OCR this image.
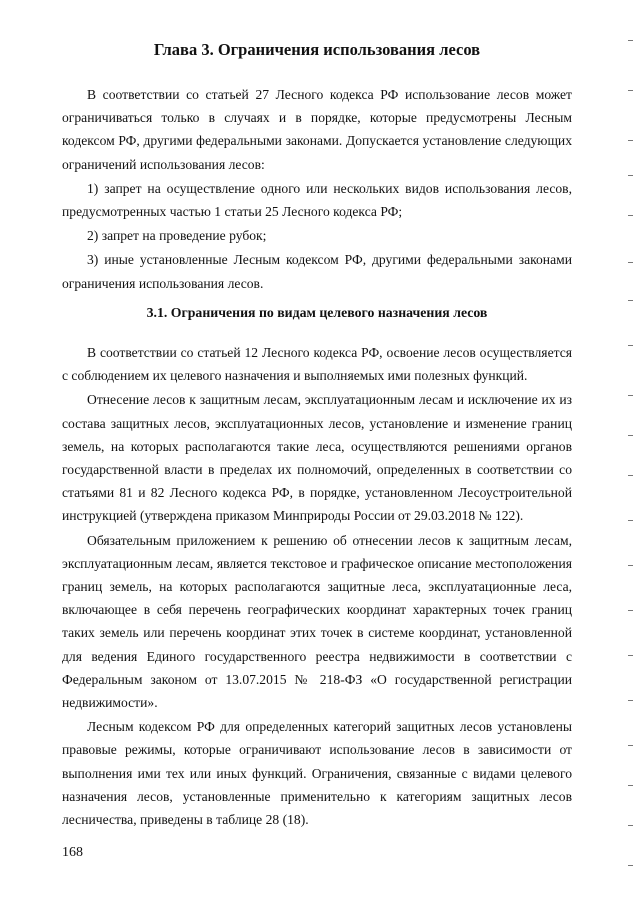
Глава 3. Ограничения использования лесов

В соответствии со статьей 27 Лесного кодекса РФ использование лесов может ограничиваться только в случаях и в порядке, которые предусмотрены Лесным кодексом РФ, другими федеральными законами. Допускается установление следующих ограничений использования лесов:

1) запрет на осуществление одного или нескольких видов использования лесов, предусмотренных частью 1 статьи 25 Лесного кодекса РФ;

2) запрет на проведение рубок;

3) иные установленные Лесным кодексом РФ, другими федеральными законами ограничения использования лесов.

3.1. Ограничения по видам целевого назначения лесов

В соответствии со статьей 12 Лесного кодекса РФ, освоение лесов осуществляется с соблюдением их целевого назначения и выполняемых ими полезных функций.

Отнесение лесов к защитным лесам, эксплуатационным лесам и исключение их из состава защитных лесов, эксплуатационных лесов, установление и изменение границ земель, на которых располагаются такие леса, осуществляются решениями органов государственной власти в пределах их полномочий, определенных в соответствии со статьями 81 и 82 Лесного кодекса РФ, в порядке, установленном Лесоустроительной инструкцией (утверждена приказом Минприроды России от 29.03.2018 № 122).

Обязательным приложением к решению об отнесении лесов к защитным лесам, эксплуатационным лесам, является текстовое и графическое описание местоположения границ земель, на которых располагаются защитные леса, эксплуатационные леса, включающее в себя перечень географических координат характерных точек границ таких земель или перечень координат этих точек в системе координат, установленной для ведения Единого государственного реестра недвижимости в соответствии с Федеральным законом от 13.07.2015 № 218-ФЗ «О государственной регистрации недвижимости».

Лесным кодексом РФ для определенных категорий защитных лесов установлены правовые режимы, которые ограничивают использование лесов в зависимости от выполнения ими тех или иных функций. Ограничения, связанные с видами целевого назначения лесов, установленные применительно к категориям защитных лесов лесничества, приведены в таблице 28 (18).

168
